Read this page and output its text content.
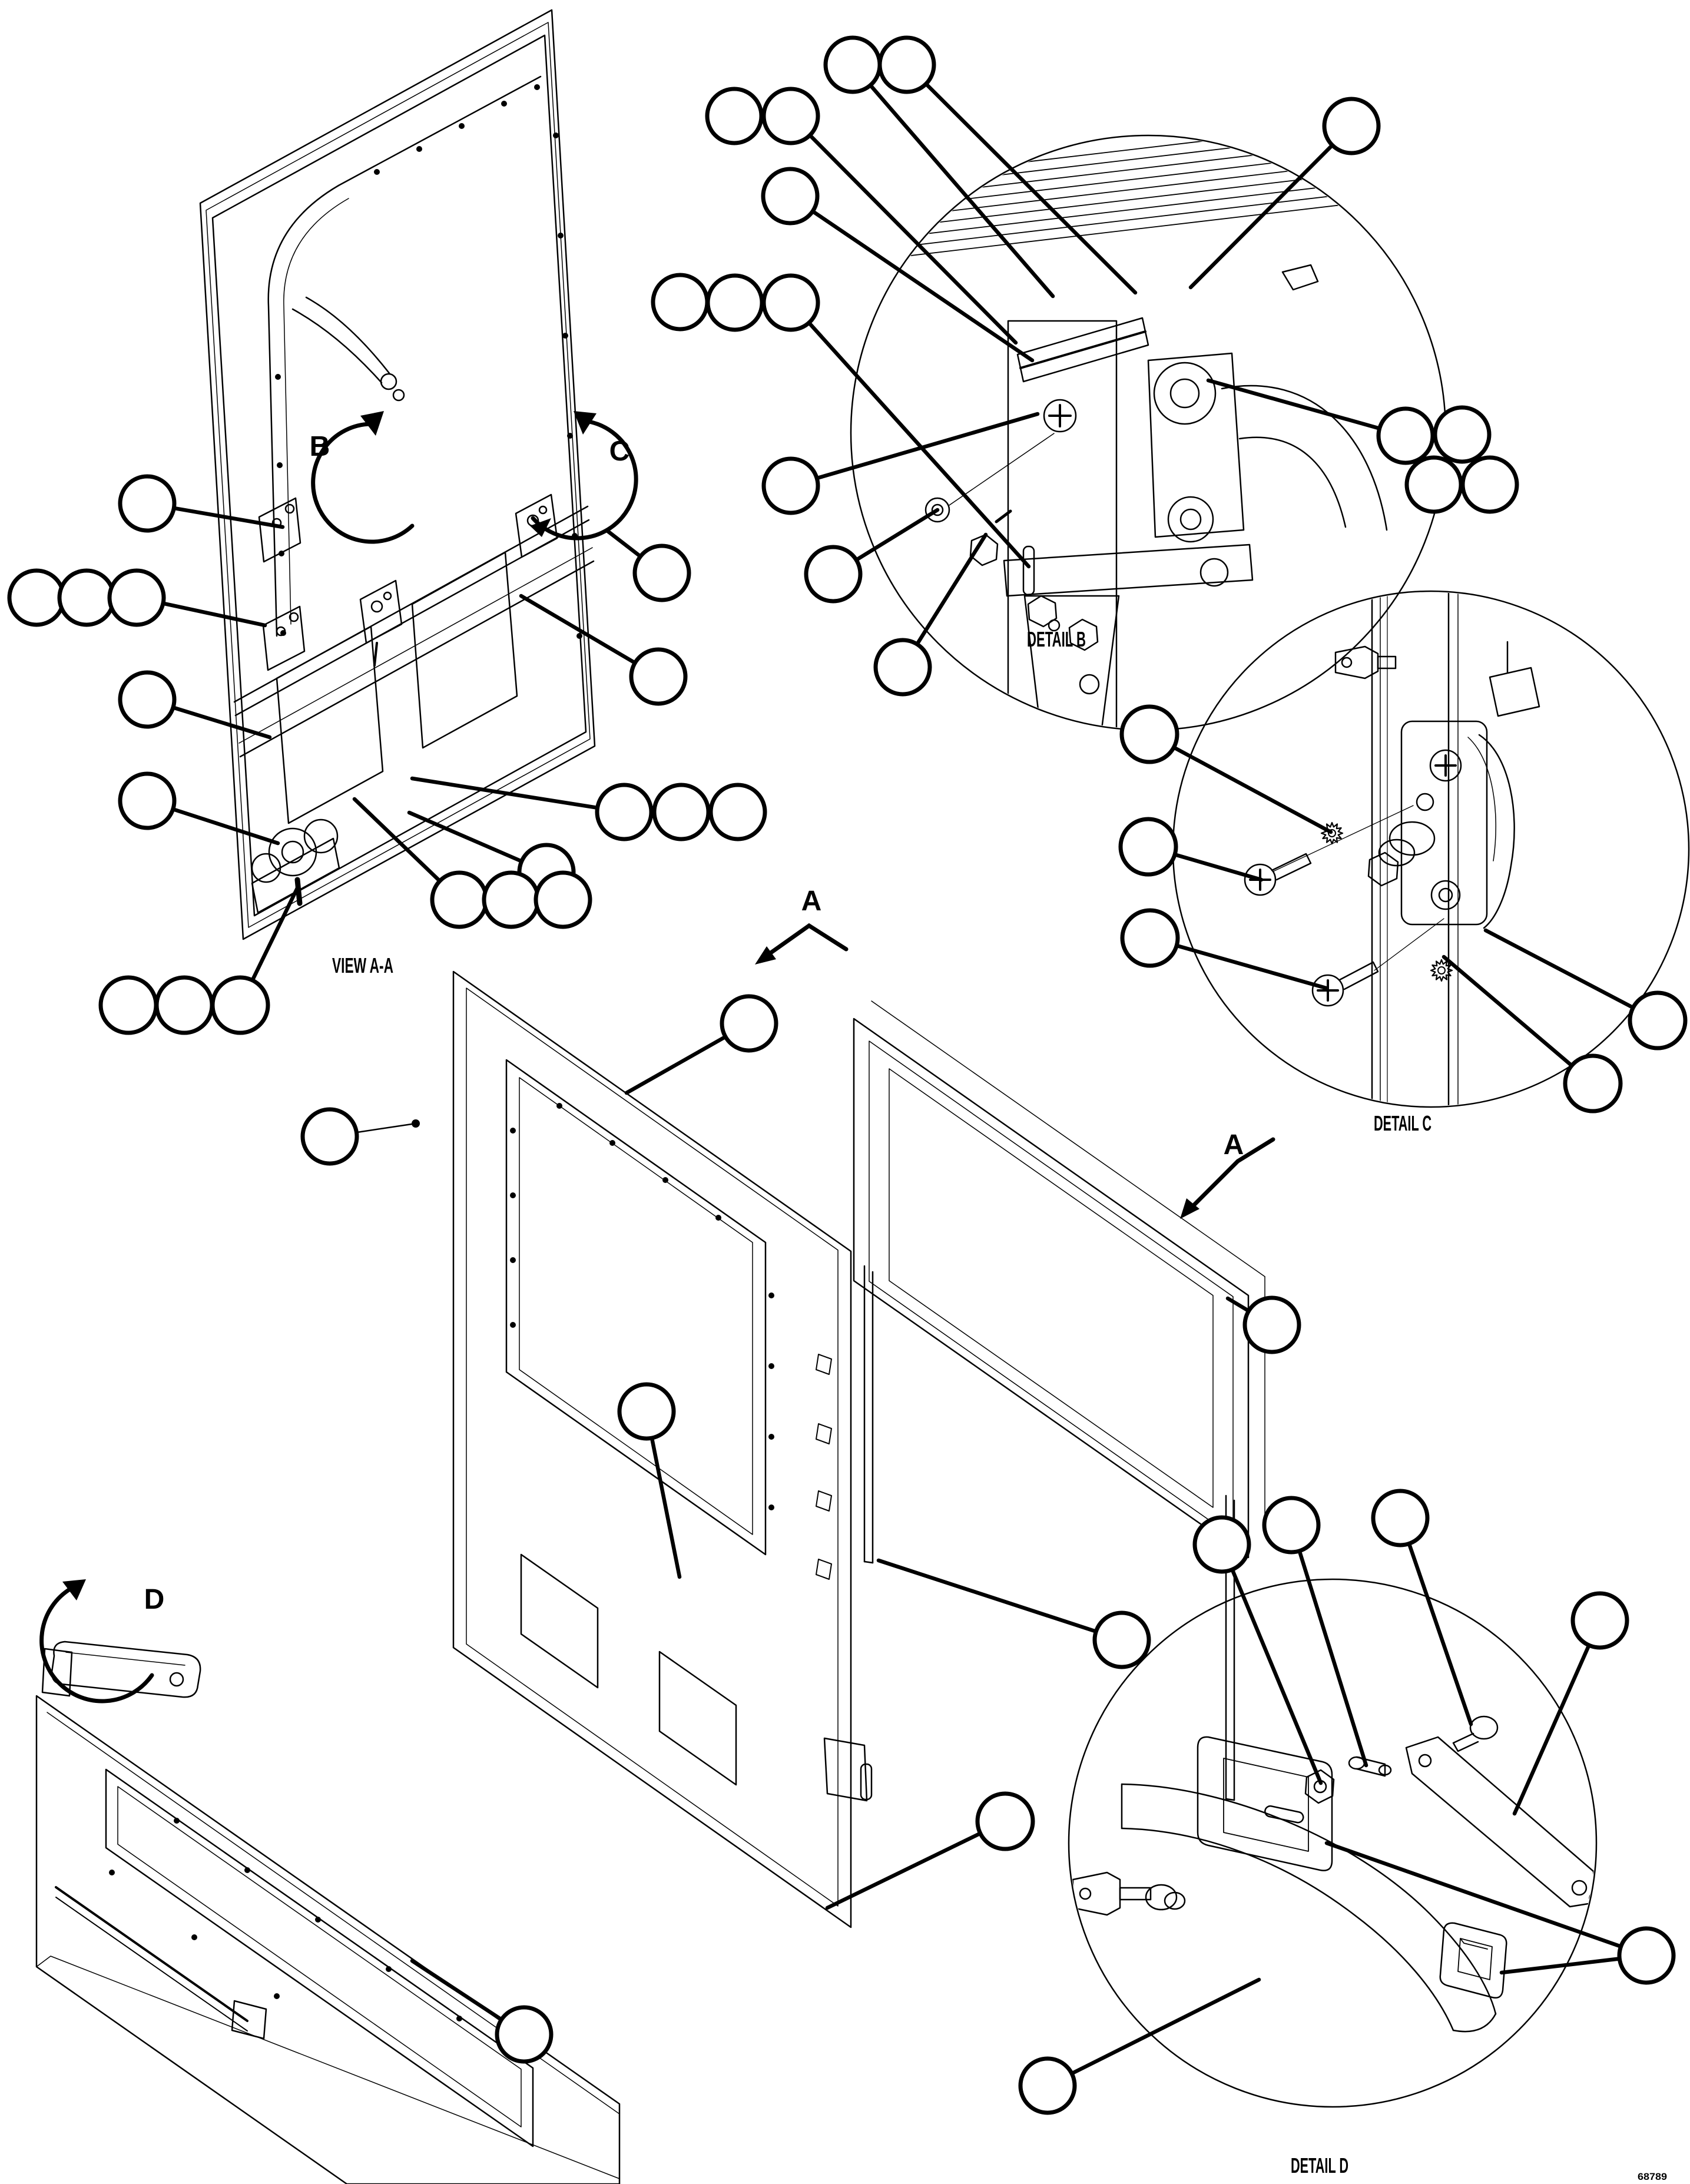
VIEW A-A
DETAIL B
DETAIL C
DETAIL D	68789
A
A
B	C
D
